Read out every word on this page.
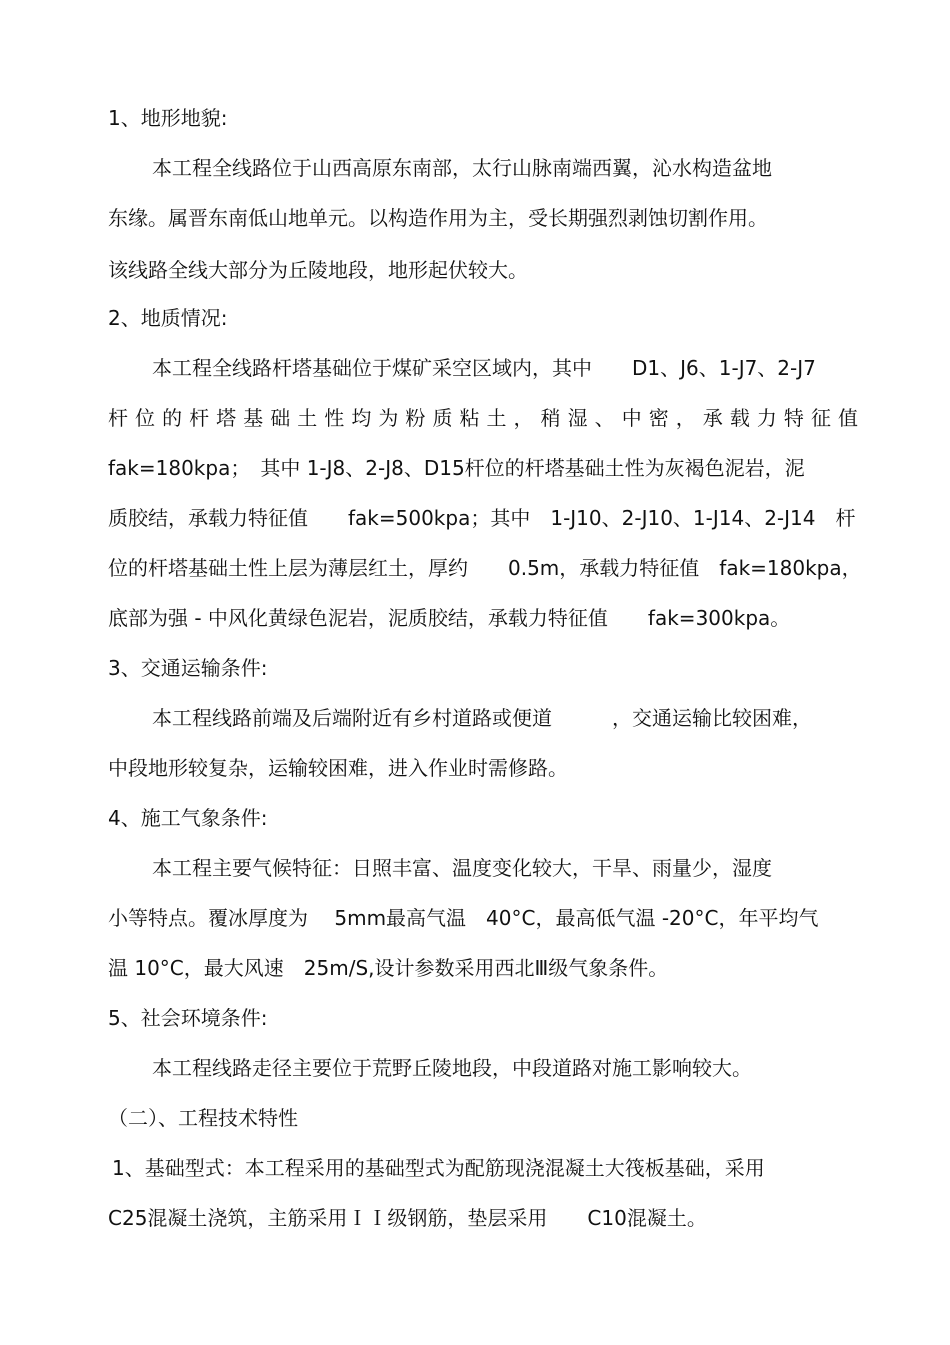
1、地形地貌:

本工程全线路位于山西高原东南部，太行山脉南端西翼，沁水构造盆地

东缘。属晋东南低山地单元。以构造作用为主，受长期强烈剥蚀切割作用。

该线路全线大部分为丘陵地段，地形起伏较大。

2、地质情况:

本工程全线路杆塔基础位于煤矿采空区域内，其中　　D1、J6、1-J7、2-J7

杆 位 的 杆 塔 基 础 土 性 均 为 粉 质 粘 土 ， 稍 湿 、 中 密 ， 承 载 力 特 征 值

fak=180kpa；　其中 1-J8、2-J8、D15杆位的杆塔基础土性为灰褐色泥岩，泥

质胶结，承载力特征值　　fak=500kpa；其中　1-J10、2-J10、1-J14、2-J14　杆

位的杆塔基础土性上层为薄层红土，厚约　　0.5m，承载力特征值　fak=180kpa，

底部为强 - 中风化黄绿色泥岩，泥质胶结，承载力特征值　　fak=300kpa。

3、交通运输条件:

本工程线路前端及后端附近有乡村道路或便道　　　，交通运输比较困难，

中段地形较复杂，运输较困难，进入作业时需修路。

4、施工气象条件:

本工程主要气候特征：日照丰富、温度变化较大，干旱、雨量少，湿度

小等特点。覆冰厚度为　 5mm最高气温　40°C，最高低气温 -20°C，年平均气

温 10°C，最大风速　25m/S,设计参数采用西北Ⅲ级气象条件。

5、社会环境条件:

本工程线路走径主要位于荒野丘陵地段，中段道路对施工影响较大。

（二）、工程技术特性

1、基础型式：本工程采用的基础型式为配筋现浇混凝土大筏板基础，采用

C25混凝土浇筑，主筋采用ＩＩ级钢筋，垫层采用　　C10混凝土。
